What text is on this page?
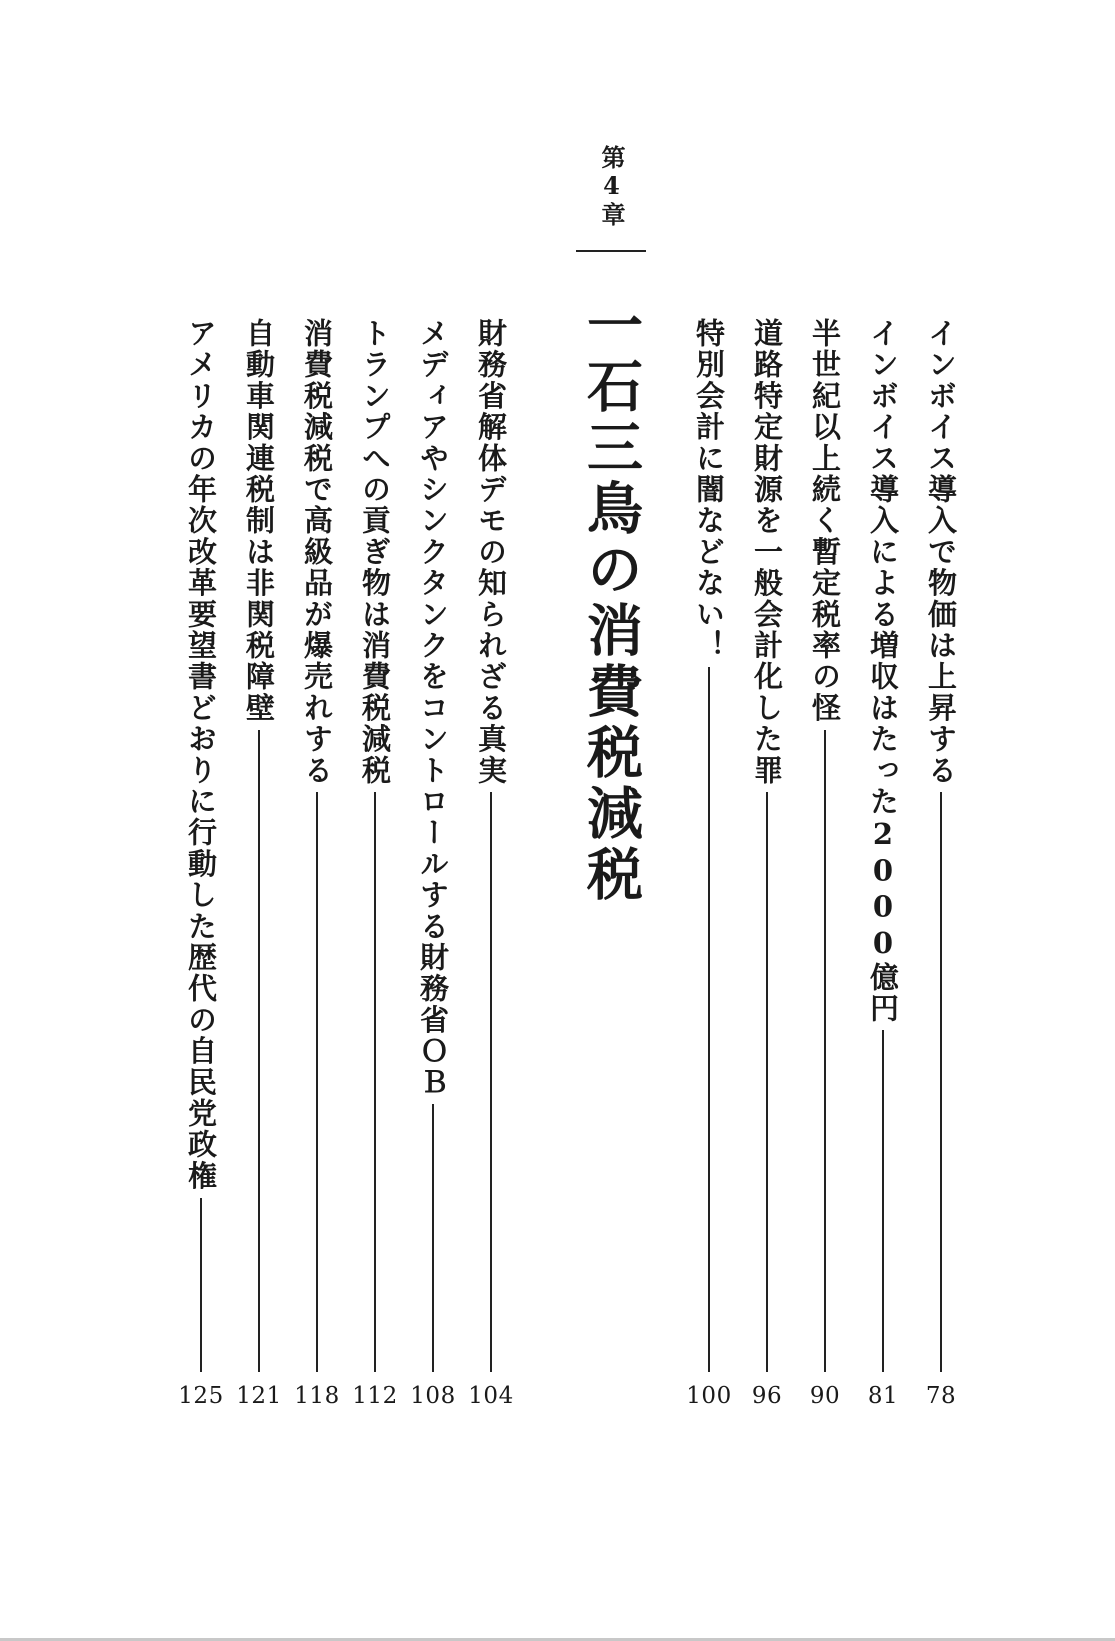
第4章
一石三鳥の消費税減税	インボイス導入で物価は上昇する
78
インボイス導入による増収はたった2000億円
81
半世紀以上続く暫定税率の怪
90
道路特定財源を一般会計化した罪
96
特別会計に闇などない！
100
財務省解体デモの知られざる真実
104
メディアやシンクタンクをコントロールする財務省ＯＢ
108
トランプへの貢ぎ物は消費税減税
112
消費税減税で高級品が爆売れする
118
自動車関連税制は非関税障壁
121
アメリカの年次改革要望書どおりに行動した歴代の自民党政権
125
